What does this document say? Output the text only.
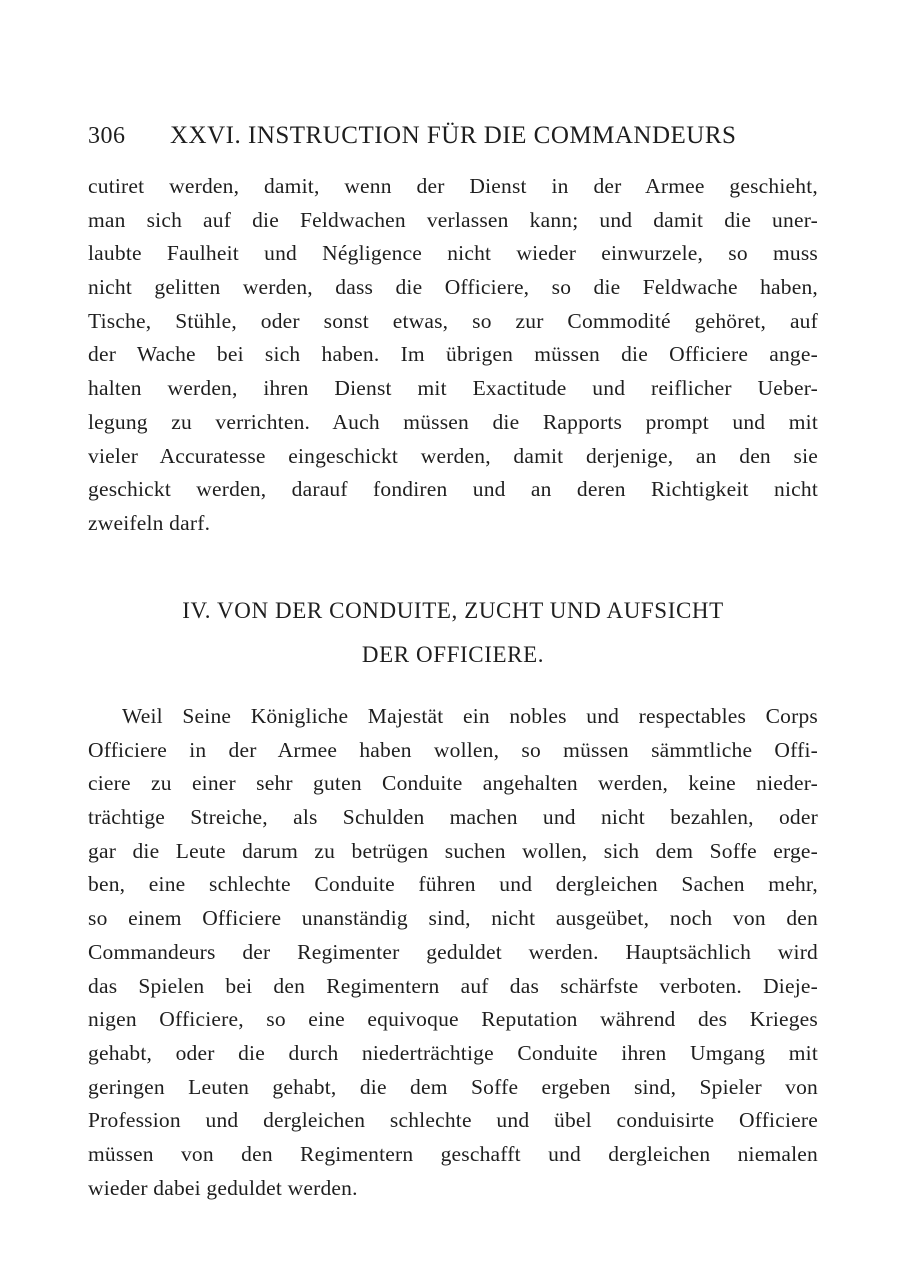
306 XXVI. INSTRUCTION FÜR DIE COMMANDEURS
cutiret werden, damit, wenn der Dienst in der Armee geschieht,
man sich auf die Feldwachen verlassen kann; und damit die uner-
laubte Faulheit und Négligence nicht wieder einwurzele, so muss
nicht gelitten werden, dass die Officiere, so die Feldwache haben,
Tische, Stühle, oder sonst etwas, so zur Commodité gehöret, auf
der Wache bei sich haben. Im übrigen müssen die Officiere ange-
halten werden, ihren Dienst mit Exactitude und reiflicher Ueber-
legung zu verrichten. Auch müssen die Rapports prompt und mit
vieler Accuratesse eingeschickt werden, damit derjenige, an den sie
geschickt werden, darauf fondiren und an deren Richtigkeit nicht
zweifeln darf.
IV. VON DER CONDUITE, ZUCHT UND AUFSICHT
DER OFFICIERE.
Weil Seine Königliche Majestät ein nobles und respectables Corps
Officiere in der Armee haben wollen, so müssen sämmtliche Offi-
ciere zu einer sehr guten Conduite angehalten werden, keine nieder-
trächtige Streiche, als Schulden machen und nicht bezahlen, oder
gar die Leute darum zu betrügen suchen wollen, sich dem Soffe erge-
ben, eine schlechte Conduite führen und dergleichen Sachen mehr,
so einem Officiere unanständig sind, nicht ausgeübet, noch von den
Commandeurs der Regimenter geduldet werden. Hauptsächlich wird
das Spielen bei den Regimentern auf das schärfste verboten. Dieje-
nigen Officiere, so eine equivoque Reputation während des Krieges
gehabt, oder die durch niederträchtige Conduite ihren Umgang mit
geringen Leuten gehabt, die dem Soffe ergeben sind, Spieler von
Profession und dergleichen schlechte und übel conduisirte Officiere
müssen von den Regimentern geschafft und dergleichen niemalen
wieder dabei geduldet werden.
